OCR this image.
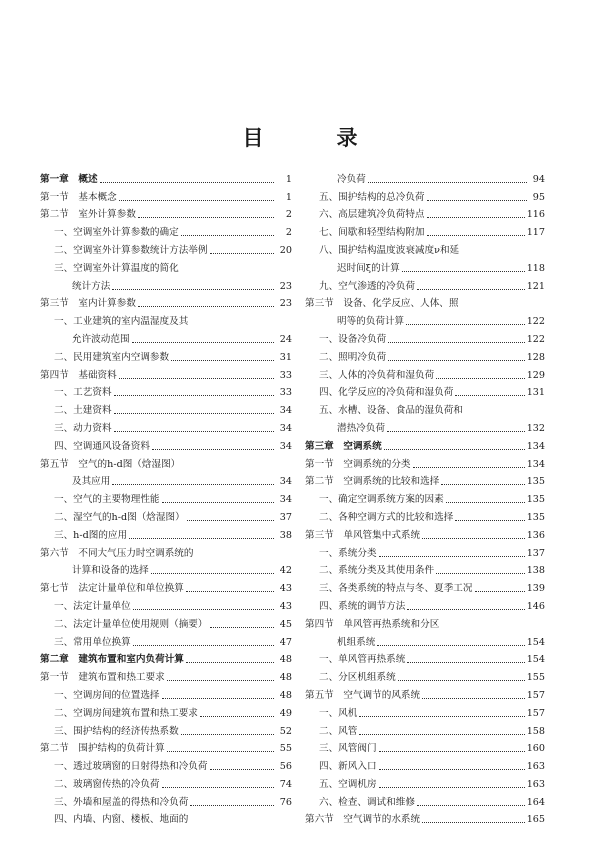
目　录
第一章　概述	1
第一节　基本概念	1
第二节　室外计算参数	2
一、空调室外计算参数的确定	2
二、空调室外计算参数统计方法举例	20
三、空调室外计算温度的简化
统计方法	23
第三节　室内计算参数	23
一、工业建筑的室内温湿度及其
允许波动范围	24
二、民用建筑室内空调参数	31
第四节　基础资料	33
一、工艺资料	33
二、土建资料	34
三、动力资料	34
四、空调通风设备资料	34
第五节　空气的h-d图（焓湿图）
及其应用	34
一、空气的主要物理性能	34
二、湿空气的h-d图（焓湿图）	37
三、h-d图的应用	38
第六节　不同大气压力时空调系统的
计算和设备的选择	42
第七节　法定计量单位和单位换算	43
一、法定计量单位	43
二、法定计量单位使用规则（摘要）	45
三、常用单位换算	47
第二章　建筑布置和室内负荷计算	48
第一节　建筑布置和热工要求	48
一、空调房间的位置选择	48
二、空调房间建筑布置和热工要求	49
三、围护结构的经济传热系数	52
第二节　围护结构的负荷计算	55
一、透过玻璃窗的日射得热和冷负荷	56
二、玻璃窗传热的冷负荷	74
三、外墙和屋盖的得热和冷负荷	76
四、内墙、内窗、楼板、地面的
冷负荷	94
五、围护结构的总冷负荷	95
六、高层建筑冷负荷特点	116
七、间歇和轻型结构附加	117
八、围护结构温度波衰减度ν和延
迟时间ξ的计算	118
九、空气渗透的冷负荷	121
第三节　设备、化学反应、人体、照
明等的负荷计算	122
一、设备冷负荷	122
二、照明冷负荷	128
三、人体的冷负荷和湿负荷	129
四、化学反应的冷负荷和湿负荷	131
五、水槽、设备、食品的湿负荷和
潜热冷负荷	132
第三章　空调系统	134
第一节　空调系统的分类	134
第二节　空调系统的比较和选择	135
一、确定空调系统方案的因素	135
二、各种空调方式的比较和选择	135
第三节　单风管集中式系统	136
一、系统分类	137
二、系统分类及其使用条件	138
三、各类系统的特点与冬、夏季工况	139
四、系统的调节方法	146
第四节　单风管再热系统和分区
机组系统	154
一、单风管再热系统	154
二、分区机组系统	155
第五节　空气调节的风系统	157
一、风机	157
二、风管	158
三、风管阀门	160
四、新风入口	163
五、空调机房	163
六、检查、调试和维修	164
第六节　空气调节的水系统	165
